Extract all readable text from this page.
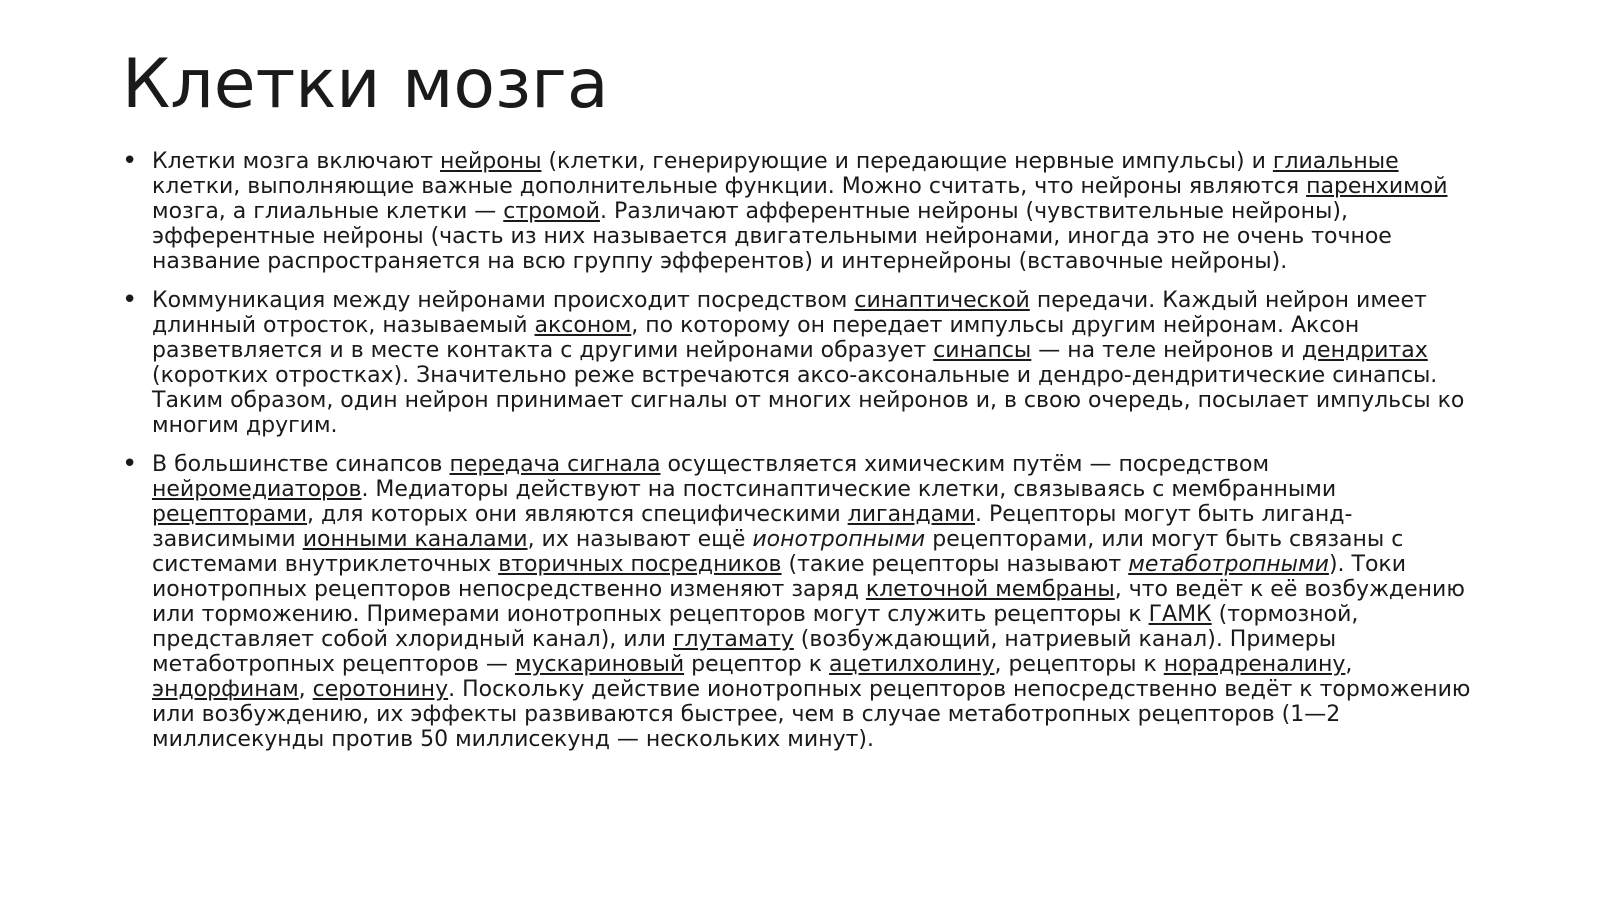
Клетки мозга
• Клетки мозга включают нейроны (клетки, генерирующие и передающие нервные импульсы) и глиальные клетки, выполняющие важные дополнительные функции. Можно считать, что нейроны являются паренхимой мозга, а глиальные клетки — стромой. Различают афферентные нейроны (чувствительные нейроны), эфферентные нейроны (часть из них называется двигательными нейронами, иногда это не очень точное название распространяется на всю группу эфферентов) и интернейроны (вставочные нейроны).
• Коммуникация между нейронами происходит посредством синаптической передачи. Каждый нейрон имеет длинный отросток, называемый аксоном, по которому он передает импульсы другим нейронам. Аксон разветвляется и в месте контакта с другими нейронами образует синапсы — на теле нейронов и дендритах (коротких отростках). Значительно реже встречаются аксо-аксональные и дендро-дендритические синапсы. Таким образом, один нейрон принимает сигналы от многих нейронов и, в свою очередь, посылает импульсы ко многим другим.
• В большинстве синапсов передача сигнала осуществляется химическим путём — посредством нейромедиаторов. Медиаторы действуют на постсинаптические клетки, связываясь с мембранными рецепторами, для которых они являются специфическими лигандами. Рецепторы могут быть лиганд-зависимыми ионными каналами, их называют ещё ионотропными рецепторами, или могут быть связаны с системами внутриклеточных вторичных посредников (такие рецепторы называют метаботропными). Токи ионотропных рецепторов непосредственно изменяют заряд клеточной мембраны, что ведёт к её возбуждению или торможению. Примерами ионотропных рецепторов могут служить рецепторы к ГАМК (тормозной, представляет собой хлоридный канал), или глутамату (возбуждающий, натриевый канал). Примеры метаботропных рецепторов — мускариновый рецептор к ацетилхолину, рецепторы к норадреналину, эндорфинам, серотонину. Поскольку действие ионотропных рецепторов непосредственно ведёт к торможению или возбуждению, их эффекты развиваются быстрее, чем в случае метаботропных рецепторов (1—2 миллисекунды против 50 миллисекунд — нескольких минут).
